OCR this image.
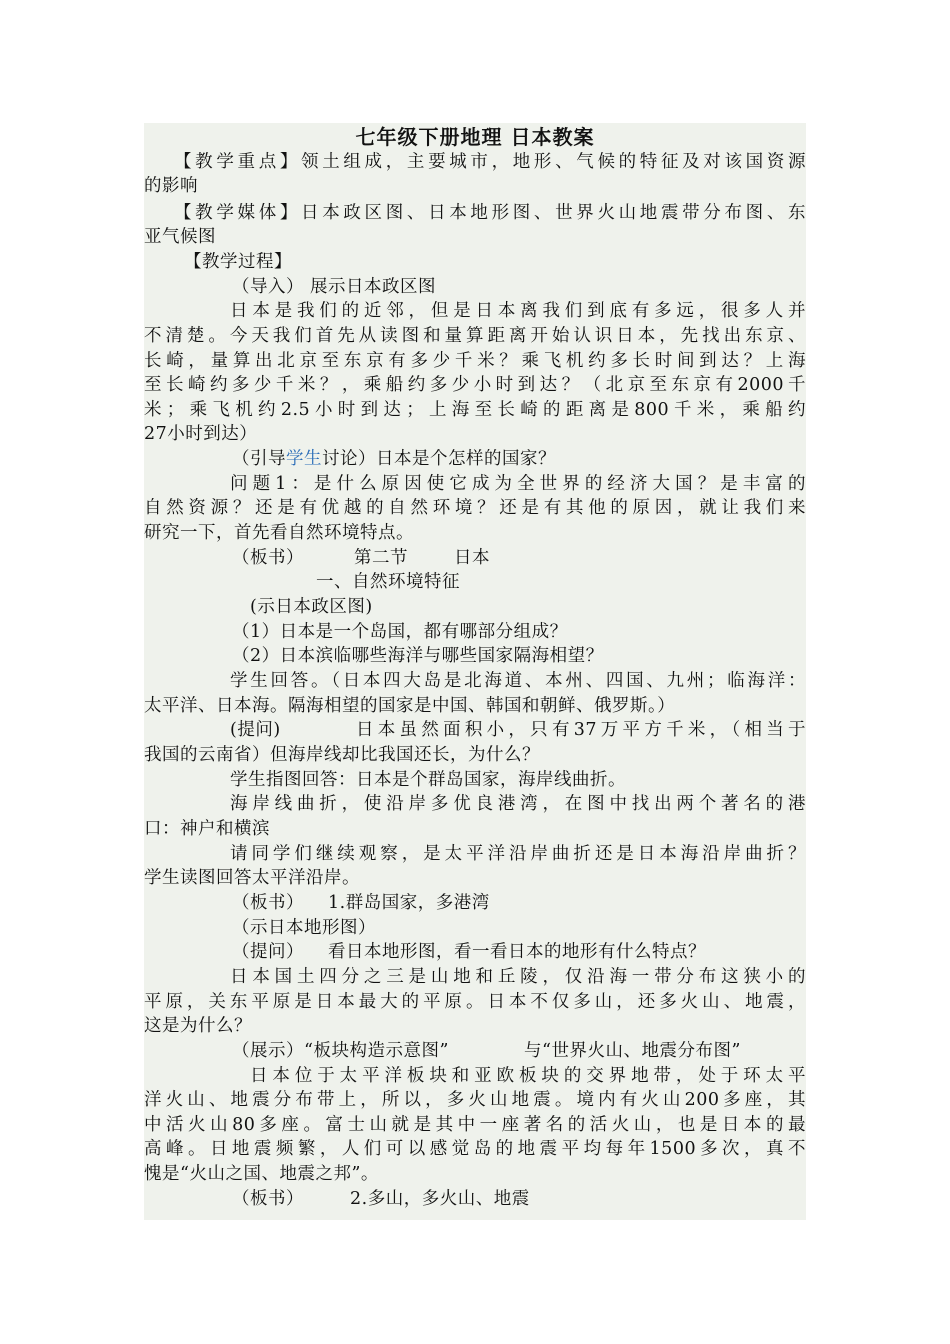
七年级下册地理 日本教案
【教学重点】领土组成，主要城市，地形、气候的特征及对该国资源
的影响
【教学媒体】日本政区图、日本地形图、世界火山地震带分布图、东
亚气候图
【教学过程】
（导入） 展示日本政区图
日本是我们的近邻，但是日本离我们到底有多远，很多人并
不清楚。今天我们首先从读图和量算距离开始认识日本，先找出东京、
长崎，量算出北京至东京有多少千米？乘飞机约多长时间到达？上海
至长崎约多少千米？，乘船约多少小时到达？（北京至东京有2000千
米；乘飞机约2.5小时到达；上海至长崎的距离是800千米，乘船约
27小时到达）
（引导学生讨论）日本是个怎样的国家？
问题1：是什么原因使它成为全世界的经济大国？是丰富的
自然资源？还是有优越的自然环境？还是有其他的原因，就让我们来
研究一下，首先看自然环境特点。
（板书）	第二节	日本
一、自然环境特征
(示日本政区图)
（1）日本是一个岛国，都有哪部分组成？
（2）日本滨临哪些海洋与哪些国家隔海相望？
学生回答。（日本四大岛是北海道、本州、四国、九州；临海洋：
太平洋、日本海。隔海相望的国家是中国、韩国和朝鲜、俄罗斯。）
(提问)	日本虽然面积小，只有37万平方千米，（相当于
我国的云南省）但海岸线却比我国还长，为什么？
学生指图回答：日本是个群岛国家，海岸线曲折。
海岸线曲折，使沿岸多优良港湾，在图中找出两个著名的港
口：神户和横滨
请同学们继续观察，是太平洋沿岸曲折还是日本海沿岸曲折？
学生读图回答太平洋沿岸。
（板书）	1.群岛国家，多港湾
（示日本地形图）
（提问）	看日本地形图，看一看日本的地形有什么特点？
日本国土四分之三是山地和丘陵，仅沿海一带分布这狭小的
平原，关东平原是日本最大的平原。日本不仅多山，还多火山、地震，
这是为什么？
（展示）“板块构造示意图”	与“世界火山、地震分布图”
日本位于太平洋板块和亚欧板块的交界地带，处于环太平
洋火山、地震分布带上，所以，多火山地震。境内有火山200多座，其
中活火山80多座。富士山就是其中一座著名的活火山，也是日本的最
高峰。日地震频繁，人们可以感觉岛的地震平均每年1500多次，真不
愧是“火山之国、地震之邦”。
（板书）	2.多山，多火山、地震
